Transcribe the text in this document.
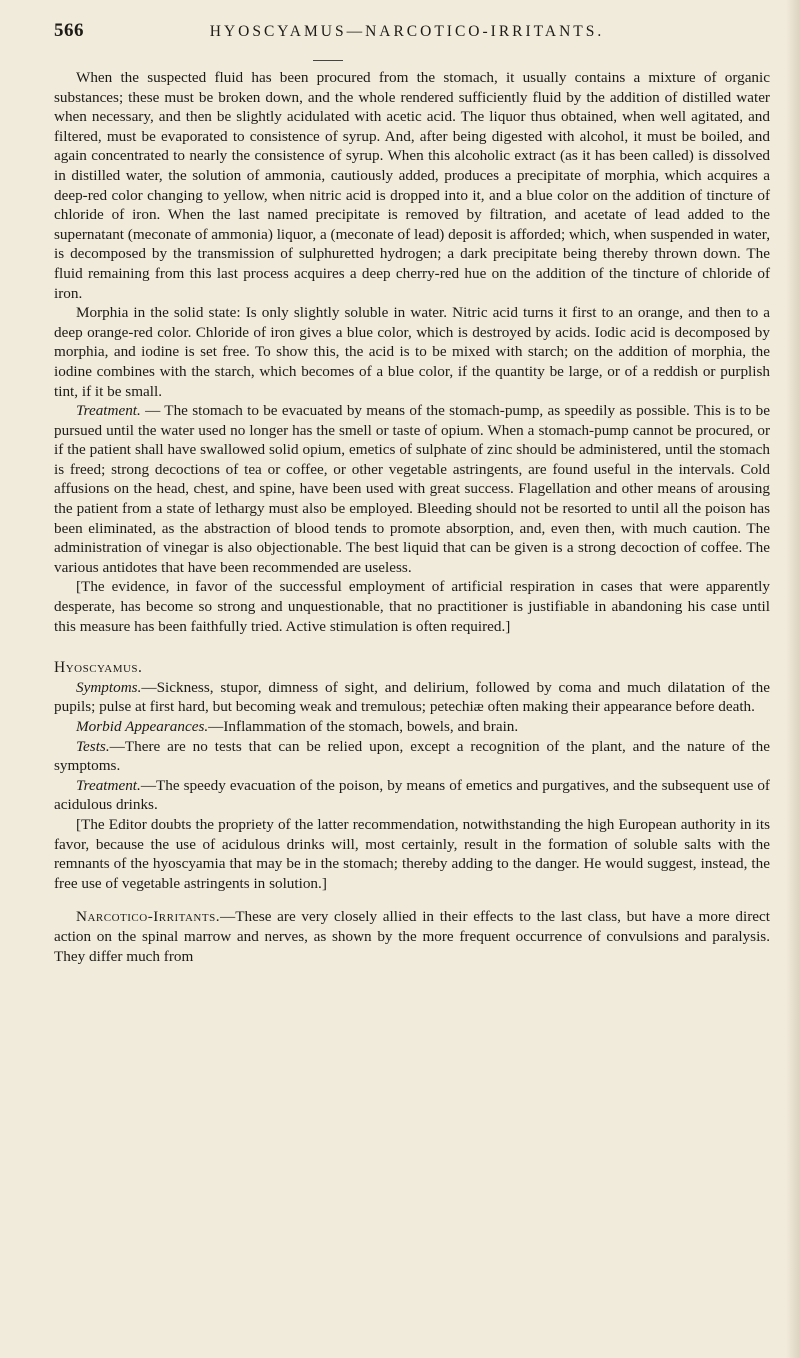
566	HYOSCYAMUS—NARCOTICO-IRRITANTS.

When the suspected fluid has been procured from the stomach, it usually contains a mixture of organic substances; these must be broken down, and the whole rendered sufficiently fluid by the addition of distilled water when necessary, and then be slightly acidulated with acetic acid. The liquor thus obtained, when well agitated, and filtered, must be evaporated to consistence of syrup. And, after being digested with alcohol, it must be boiled, and again concentrated to nearly the consistence of syrup. When this alcoholic extract (as it has been called) is dissolved in distilled water, the solution of ammonia, cautiously added, produces a precipitate of morphia, which acquires a deep-red color changing to yellow, when nitric acid is dropped into it, and a blue color on the addition of tincture of chloride of iron. When the last named precipitate is removed by filtration, and acetate of lead added to the supernatant (meconate of ammonia) liquor, a (meconate of lead) deposit is afforded; which, when suspended in water, is decomposed by the transmission of sulphuretted hydrogen; a dark precipitate being thereby thrown down. The fluid remaining from this last process acquires a deep cherry-red hue on the addition of the tincture of chloride of iron.

Morphia in the solid state: Is only slightly soluble in water. Nitric acid turns it first to an orange, and then to a deep orange-red color. Chloride of iron gives a blue color, which is destroyed by acids. Iodic acid is decomposed by morphia, and iodine is set free. To show this, the acid is to be mixed with starch; on the addition of morphia, the iodine combines with the starch, which becomes of a blue color, if the quantity be large, or of a reddish or purplish tint, if it be small.

Treatment. — The stomach to be evacuated by means of the stomach-pump, as speedily as possible. This is to be pursued until the water used no longer has the smell or taste of opium. When a stomach-pump cannot be procured, or if the patient shall have swallowed solid opium, emetics of sulphate of zinc should be administered, until the stomach is freed; strong decoctions of tea or coffee, or other vegetable astringents, are found useful in the intervals. Cold affusions on the head, chest, and spine, have been used with great success. Flagellation and other means of arousing the patient from a state of lethargy must also be employed. Bleeding should not be resorted to until all the poison has been eliminated, as the abstraction of blood tends to promote absorption, and, even then, with much caution. The administration of vinegar is also objectionable. The best liquid that can be given is a strong decoction of coffee. The various antidotes that have been recommended are useless.

[The evidence, in favor of the successful employment of artificial respiration in cases that were apparently desperate, has become so strong and unquestionable, that no practitioner is justifiable in abandoning his case until this measure has been faithfully tried. Active stimulation is often required.]

Hyoscyamus.

Symptoms.—Sickness, stupor, dimness of sight, and delirium, followed by coma and much dilatation of the pupils; pulse at first hard, but becoming weak and tremulous; petechiæ often making their appearance before death.

Morbid Appearances.—Inflammation of the stomach, bowels, and brain.

Tests.—There are no tests that can be relied upon, except a recognition of the plant, and the nature of the symptoms.

Treatment.—The speedy evacuation of the poison, by means of emetics and purgatives, and the subsequent use of acidulous drinks.

[The Editor doubts the propriety of the latter recommendation, notwithstanding the high European authority in its favor, because the use of acidulous drinks will, most certainly, result in the formation of soluble salts with the remnants of the hyoscyamia that may be in the stomach; thereby adding to the danger. He would suggest, instead, the free use of vegetable astringents in solution.]

Narcotico-Irritants.—These are very closely allied in their effects to the last class, but have a more direct action on the spinal marrow and nerves, as shown by the more frequent occurrence of convulsions and paralysis. They differ much from
